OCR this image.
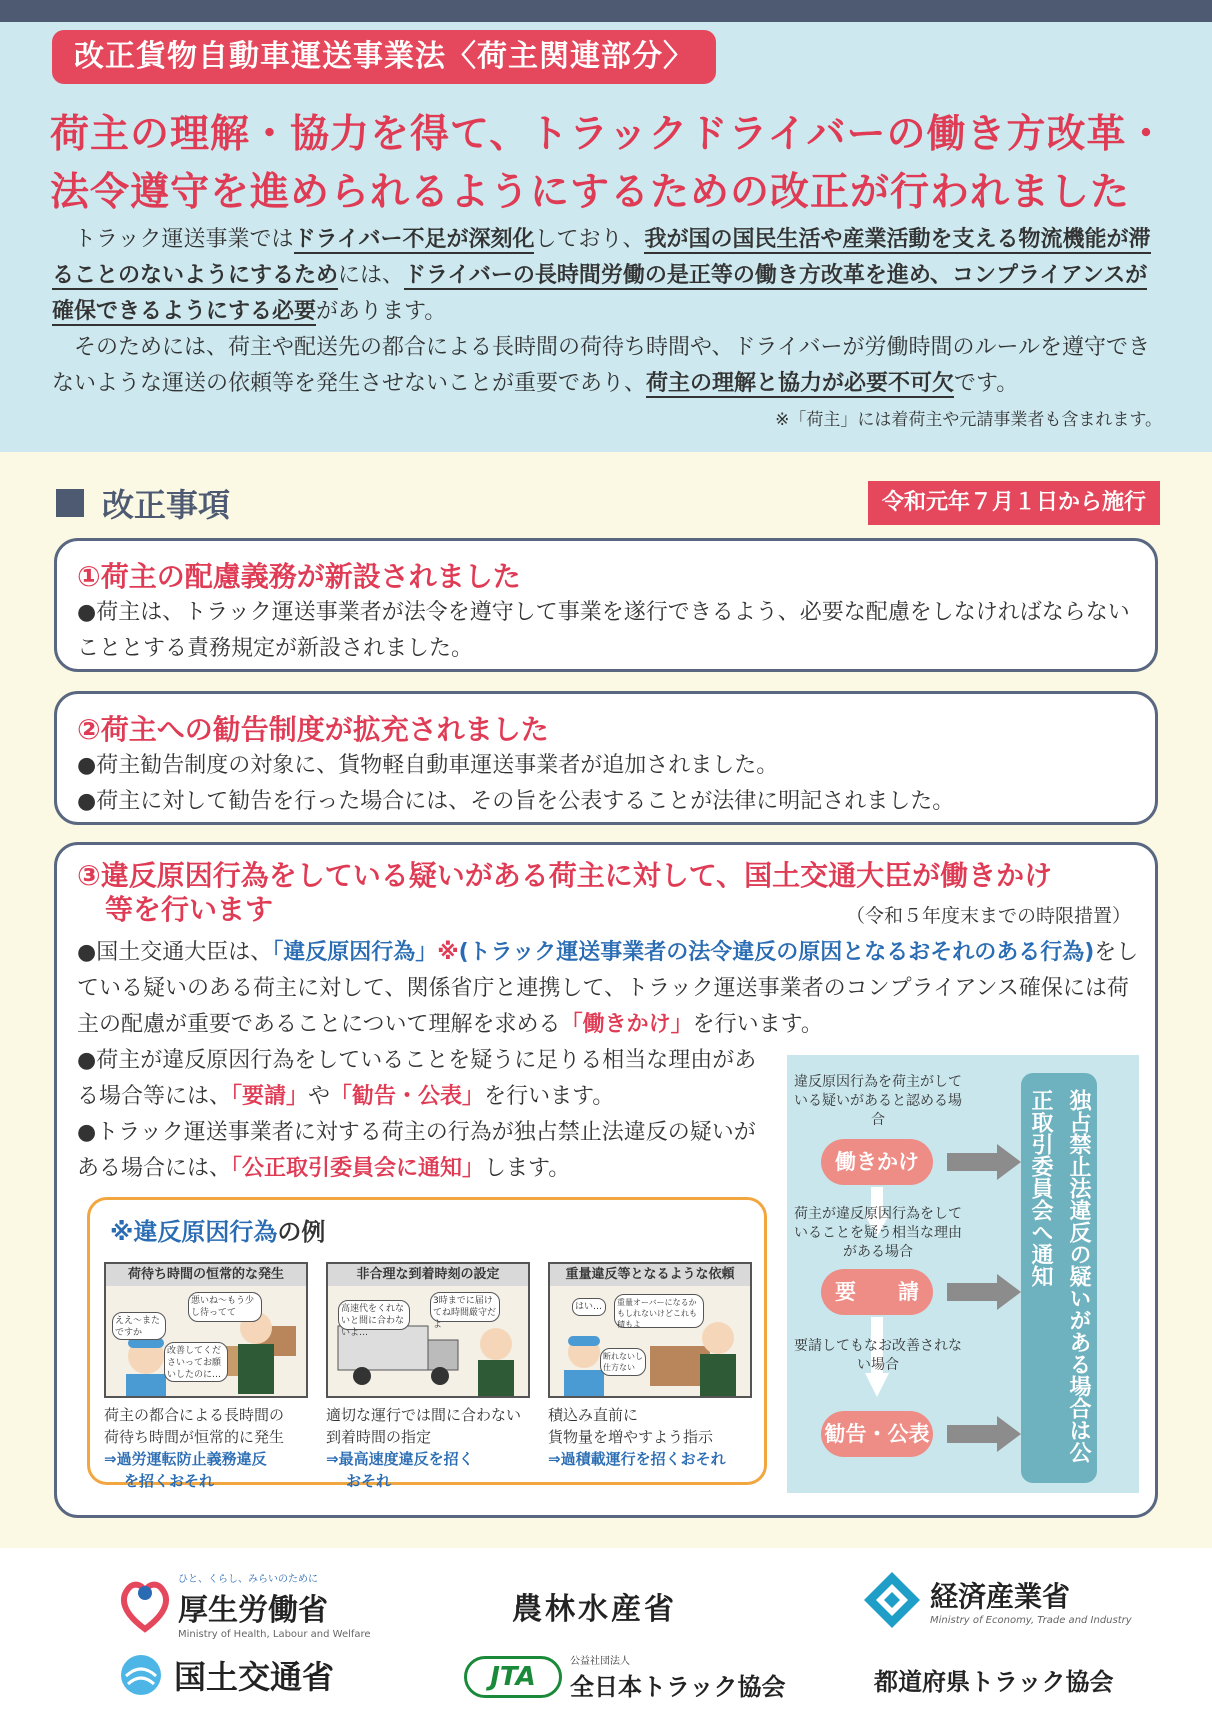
改正貨物自動車運送事業法〈荷主関連部分〉
荷主の理解・協力を得て、トラックドライバーの働き方改革・
法令遵守を進められるようにするための改正が行われました

トラック運送事業ではドライバー不足が深刻化しており、我が国の国民生活や産業活動を支える物流機能が滞ることのないようにするためには、ドライバーの長時間労働の是正等の働き方改革を進め、コンプライアンスが確保できるようにする必要があります。

そのためには、荷主や配送先の都合による長時間の荷待ち時間や、ドライバーが労働時間のルールを遵守できないような運送の依頼等を発生させないことが重要であり、荷主の理解と協力が必要不可欠です。

※「荷主」には着荷主や元請事業者も含まれます。
改正事項	令和元年７月１日から施行
①荷主の配慮義務が新設されました
●荷主は、トラック運送事業者が法令を遵守して事業を遂行できるよう、必要な配慮をしなければならないこととする責務規定が新設されました。
②荷主への勧告制度が拡充されました
●荷主勧告制度の対象に、貨物軽自動車運送事業者が追加されました。
●荷主に対して勧告を行った場合には、その旨を公表することが法律に明記されました。
③違反原因行為をしている疑いがある荷主に対して、国土交通大臣が働きかけ
等を行います	（令和５年度末までの時限措置）
●国土交通大臣は、「違反原因行為」※(トラック運送事業者の法令違反の原因となるおそれのある行為)をしている疑いのある荷主に対して、関係省庁と連携して、トラック運送事業者のコンプライアンス確保には荷主の配慮が重要であることについて理解を求める「働きかけ」を行います。
●荷主が違反原因行為をしていることを疑うに足りる相当な理由がある場合等には、「要請」や「勧告・公表」を行います。
●トラック運送事業者に対する荷主の行為が独占禁止法違反の疑いがある場合には、「公正取引委員会に通知」します。
※違反原因行為の例
荷待ち時間の恒常的な発生
ええ～またですか
悪いね～もう少し待ってて
改善してくださいってお願いしたのに…
荷主の都合による長時間の
荷待ち時間が恒常的に発生
⇒過労運転防止義務違反
を招くおそれ
非合理な到着時刻の設定
高速代をくれないと間に合わないよ…
3時までに届けてね時間厳守だよ
適切な運行では間に合わない
到着時間の指定
⇒最高速度違反を招く
おそれ
重量違反等となるような依頼
はい…	重量オーバーになるかもしれないけどこれも積もよ
断れないし仕方ない
積込み直前に
貨物量を増やすよう指示
⇒過積載運行を招くおそれ
違反原因行為を荷主がしている疑いがあると認める場合
働きかけ
荷主が違反原因行為をしていることを疑う相当な理由がある場合
要　　請
要請してもなお改善されない場合
勧告・公表	独占禁止法違反の疑いがある場合は公正取引委員会へ通知
ひと、くらし、みらいのために
厚生労働省
Ministry of Health, Labour and Welfare
農林水産省	経済産業省
Ministry of Economy, Trade and Industry
国土交通省	JTA
公益社団法人
全日本トラック協会	都道府県トラック協会
